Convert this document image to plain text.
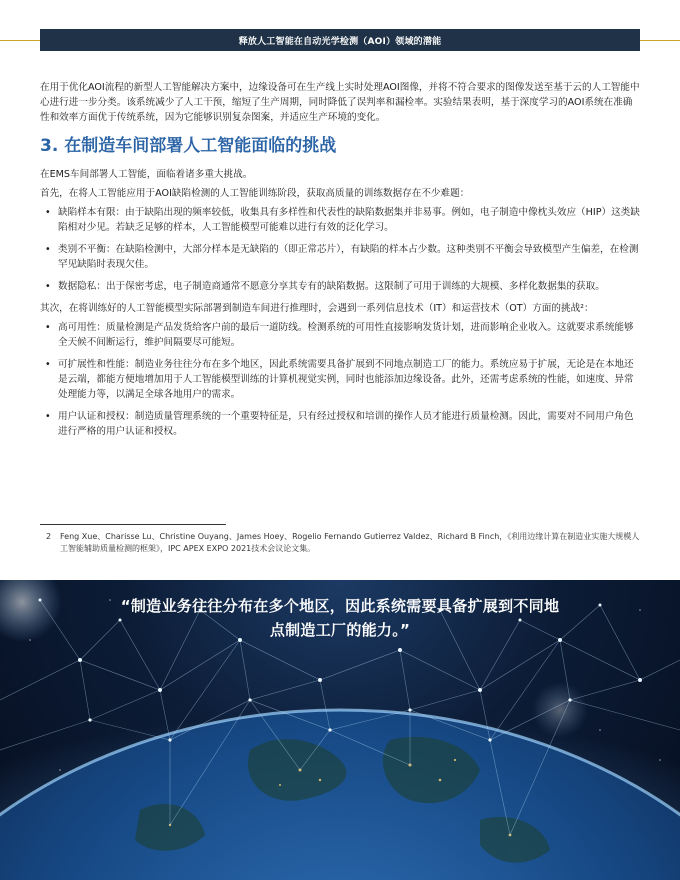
释放人工智能在自动光学检测（AOI）领域的潜能

在用于优化AOI流程的新型人工智能解决方案中，边缘设备可在生产线上实时处理AOI图像，并将不符合要求的图像发送至基于云的人工智能中心进行进一步分类。该系统减少了人工干预，缩短了生产周期，同时降低了误判率和漏检率。实验结果表明，基于深度学习的AOI系统在准确性和效率方面优于传统系统，因为它能够识别复杂图案，并适应生产环境的变化。

3. 在制造车间部署人工智能面临的挑战

在EMS车间部署人工智能，面临着诸多重大挑战。

首先，在将人工智能应用于AOI缺陷检测的人工智能训练阶段，获取高质量的训练数据存在不少难题：

• 缺陷样本有限：由于缺陷出现的频率较低，收集具有多样性和代表性的缺陷数据集并非易事。例如，电子制造中像枕头效应（HIP）这类缺陷相对少见。若缺乏足够的样本，人工智能模型可能难以进行有效的泛化学习。
• 类别不平衡：在缺陷检测中，大部分样本是无缺陷的（即正常芯片），有缺陷的样本占少数。这种类别不平衡会导致模型产生偏差，在检测罕见缺陷时表现欠佳。
• 数据隐私：出于保密考虑，电子制造商通常不愿意分享其专有的缺陷数据。这限制了可用于训练的大规模、多样化数据集的获取。

其次，在将训练好的人工智能模型实际部署到制造车间进行推理时，会遇到一系列信息技术（IT）和运营技术（OT）方面的挑战²：

• 高可用性：质量检测是产品发货给客户前的最后一道防线。检测系统的可用性直接影响发货计划，进而影响企业收入。这就要求系统能够全天候不间断运行，维护间隔要尽可能短。
• 可扩展性和性能：制造业务往往分布在多个地区，因此系统需要具备扩展到不同地点制造工厂的能力。系统应易于扩展，无论是在本地还是云端，都能方便地增加用于人工智能模型训练的计算机视觉实例，同时也能添加边缘设备。此外，还需考虑系统的性能，如速度、异常处理能力等，以满足全球各地用户的需求。
• 用户认证和授权：制造质量管理系统的一个重要特征是，只有经过授权和培训的操作人员才能进行质量检测。因此，需要对不同用户角色进行严格的用户认证和授权。
2 Feng Xue、Charisse Lu、Christine Ouyang、James Hoey、Rogelio Fernando Gutierrez Valdez、Richard B Finch，《利用边缘计算在制造业实施大规模人工智能辅助质量检测的框架》，IPC APEX EXPO 2021技术会议论文集。
“制造业务往往分布在多个地区，因此系统需要具备扩展到不同地点制造工厂的能力。”
